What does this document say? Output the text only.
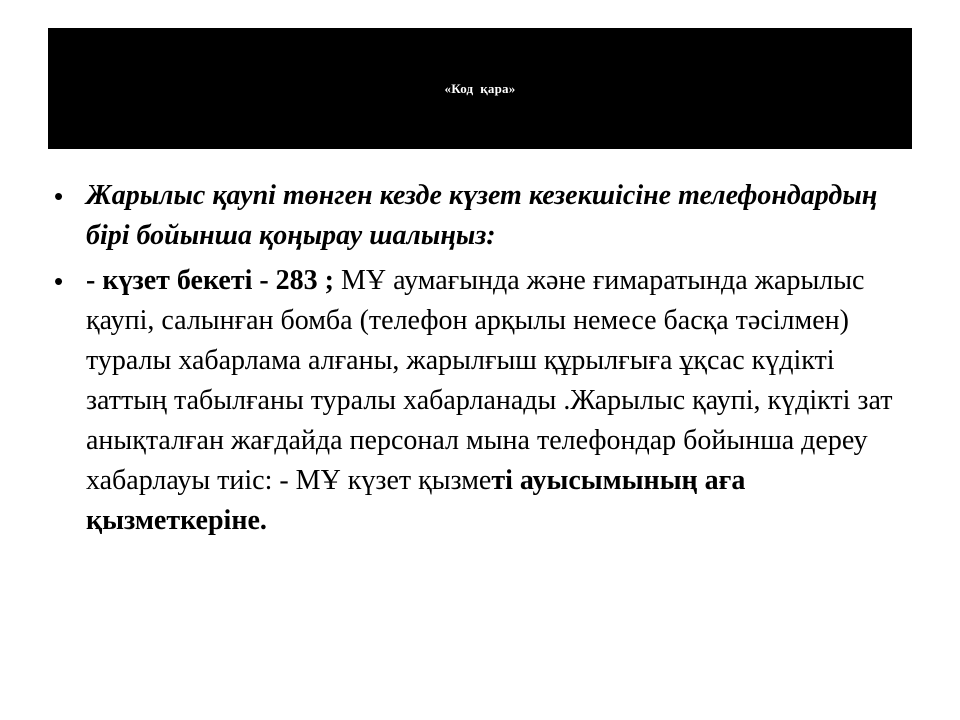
«Код  қара»
• Жарылыс қаупі төнген кезде күзет кезекшісіне телефондардың бірі бойынша қоңырау шалыңыз:
• - күзет бекеті - 283 ; МҰ аумағында және ғимаратында жарылыс қаупі, салынған бомба (телефон арқылы немесе басқа тәсілмен) туралы хабарлама алғаны, жарылғыш құрылғыға ұқсас күдікті заттың табылғаны туралы хабарланады .Жарылыс қаупі, күдікті зат анықталған жағдайда персонал мына телефондар бойынша дереу хабарлауы тиіс: - МҰ күзет қызметі ауысымының аға қызметкеріне.
